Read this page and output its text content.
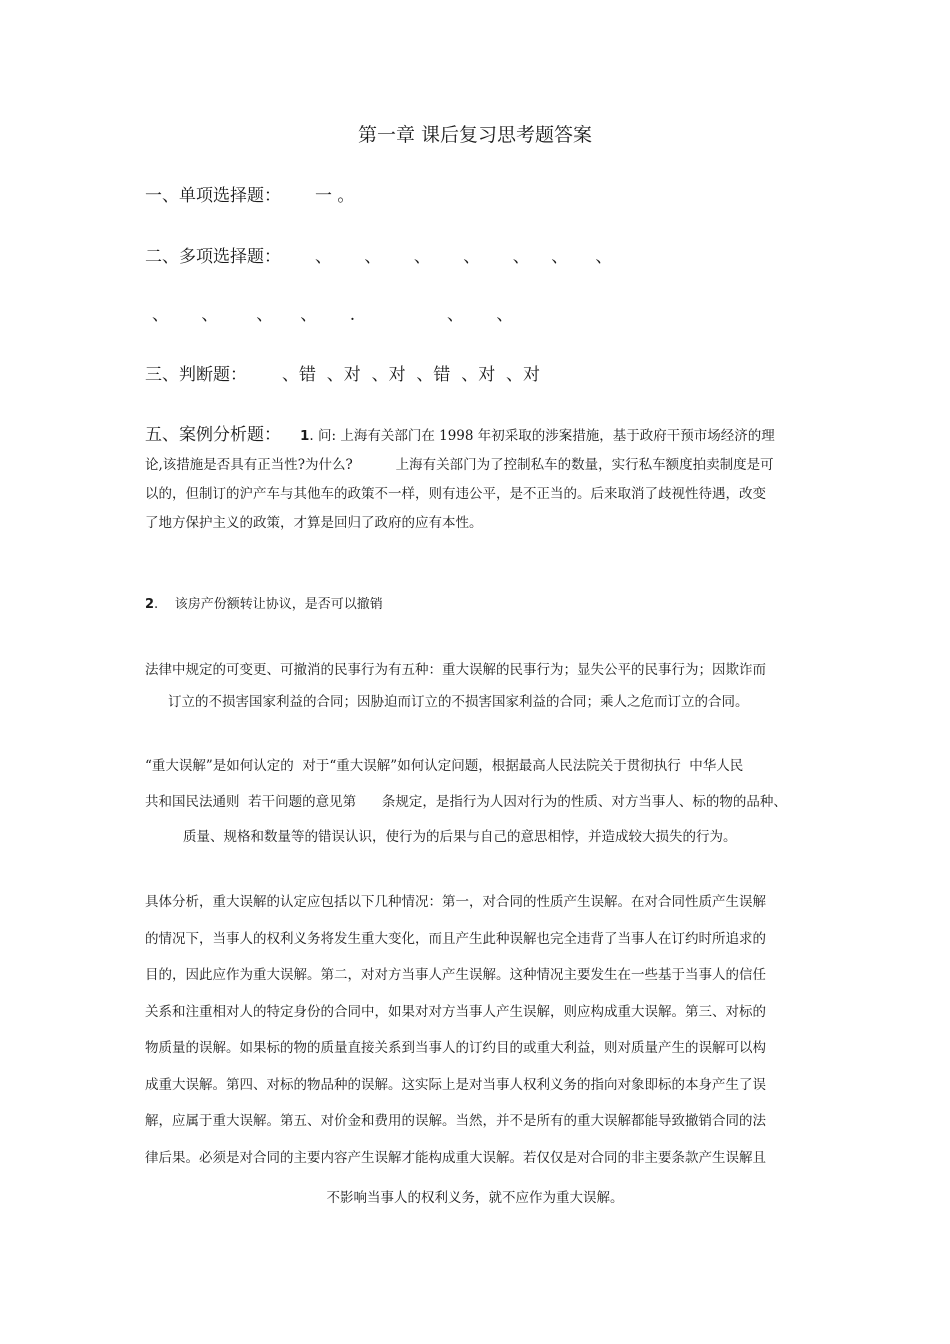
第一章 课后复习思考题答案
一、单项选择题： 一 。
二、多项选择题： 、      、      、      、      、    、     、
、      、       、     、      .                 、      、
三、判断题： 、错  、对  、对  、错  、对  、对
五、案例分析题： 1. 问: 上海有关部门在 1998 年初采取的涉案措施，基于政府干预市场经济的理
论,该措施是否具有正当性?为什么?          上海有关部门为了控制私车的数量，实行私车额度拍卖制度是可
以的，但制订的沪产车与其他车的政策不一样，则有违公平，是不正当的。后来取消了歧视性待遇，改变
了地方保护主义的政策，才算是回归了政府的应有本性。
2.    该房产份额转让协议，是否可以撤销
法律中规定的可变更、可撤消的民事行为有五种：重大误解的民事行为；显失公平的民事行为；因欺诈而
订立的不损害国家利益的合同；因胁迫而订立的不损害国家利益的合同；乘人之危而订立的合同。
“重大误解”是如何认定的  对于“重大误解”如何认定问题，根据最高人民法院关于贯彻执行  中华人民
共和国民法通则  若干问题的意见第      条规定，是指行为人因对行为的性质、对方当事人、标的物的品种、
质量、规格和数量等的错误认识，使行为的后果与自己的意思相悖，并造成较大损失的行为。
具体分析，重大误解的认定应包括以下几种情况：第一，对合同的性质产生误解。在对合同性质产生误解
的情况下，当事人的权利义务将发生重大变化，而且产生此种误解也完全违背了当事人在订约时所追求的
目的，因此应作为重大误解。第二，对对方当事人产生误解。这种情况主要发生在一些基于当事人的信任
关系和注重相对人的特定身份的合同中，如果对对方当事人产生误解，则应构成重大误解。第三、对标的
物质量的误解。如果标的物的质量直接关系到当事人的订约目的或重大利益，则对质量产生的误解可以构
成重大误解。第四、对标的物品种的误解。这实际上是对当事人权利义务的指向对象即标的本身产生了误
解，应属于重大误解。第五、对价金和费用的误解。当然，并不是所有的重大误解都能导致撤销合同的法
律后果。必须是对合同的主要内容产生误解才能构成重大误解。若仅仅是对合同的非主要条款产生误解且
不影响当事人的权利义务，就不应作为重大误解。
